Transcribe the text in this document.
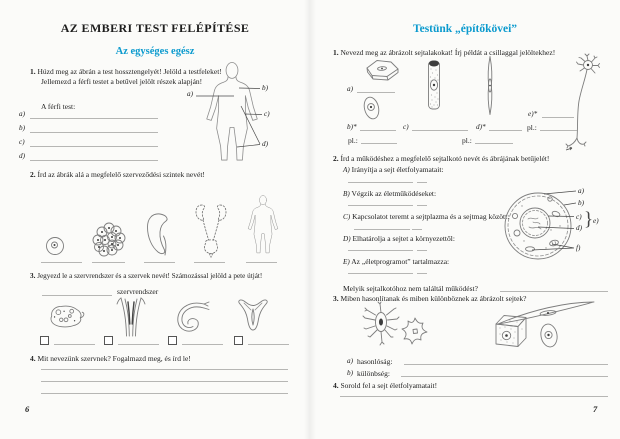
AZ EMBERI TEST FELÉPÍTÉSE
Az egységes egész
1. Húzd meg az ábrán a test hossztengelyét! Jelöld a testfeleket! Jellemezd a férfi testet a betűvel jelölt részek alapján!
A férfi test:
a)
b)
c)
d)
a)
b)
c)
d)
2. Írd az ábrák alá a megfelelő szerveződési szintek nevét!
3. Jegyezd le a szervrendszer és a szervek nevét! Számozással jelöld a pete útját!
szervrendszer
4. Mit nevezünk szervnek? Fogalmazd meg, és írd le!
6
Testünk „építőkövei”
1. Nevezd meg az ábrázolt sejtalakokat! Írj példát a csillaggal jelöltekhez!
a)
e)*
b)*	c)	d)*	pl.:
pl.:	pl.:
2. Írd a működéshez a megfelelő sejtalkotó nevét és ábrájának betűjelét!
A) Irányítja a sejt életfolyamatait:
B) Végzik az életműködéseket:
C) Kapcsolatot teremt a sejtplazma és a sejtmag között:
D) Elhatárolja a sejtet a környezettől:
E) Az „életprogramot” tartalmazza:
a)
b)
c)
d) } e)
f)
Melyik sejtalkotóhoz nem találtál működést?
3. Miben hasonlítanak és miben különböznek az ábrázolt sejtek?
a) hasonlóság:
b) különbség:
4. Sorold fel a sejt életfolyamatait!
7
